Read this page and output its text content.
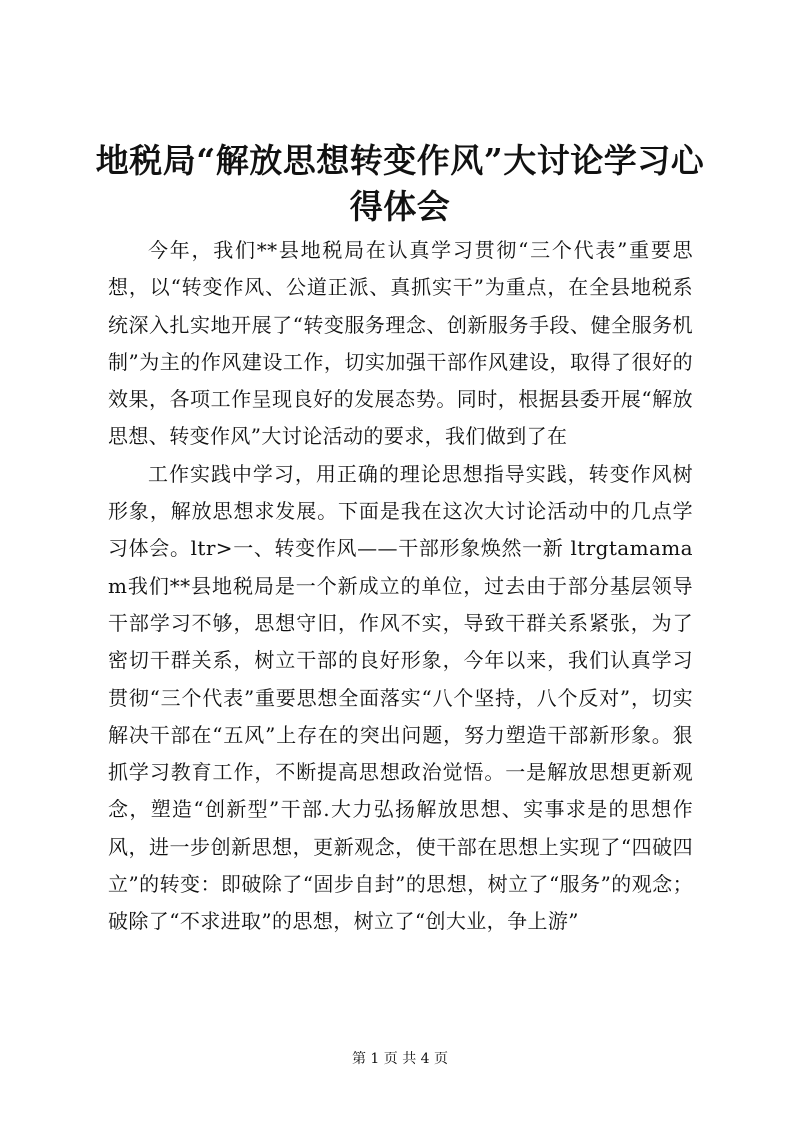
地税局“解放思想转变作风”大讨论学习心得体会

今年，我们**县地税局在认真学习贯彻“三个代表”重要思想，以“转变作风、公道正派、真抓实干”为重点，在全县地税系统深入扎实地开展了“转变服务理念、创新服务手段、健全服务机制”为主的作风建设工作，切实加强干部作风建设，取得了很好的效果，各项工作呈现良好的发展态势。同时，根据县委开展“解放思想、转变作风”大讨论活动的要求，我们做到了在

工作实践中学习，用正确的理论思想指导实践，转变作风树形象，解放思想求发展。下面是我在这次大讨论活动中的几点学习体会。ltr>一、转变作风——干部形象焕然一新 ltrgtamamam我们**县地税局是一个新成立的单位，过去由于部分基层领导干部学习不够，思想守旧，作风不实，导致干群关系紧张，为了密切干群关系，树立干部的良好形象，今年以来，我们认真学习贯彻“三个代表”重要思想全面落实“八个坚持，八个反对”，切实解决干部在“五风”上存在的突出问题，努力塑造干部新形象。狠抓学习教育工作，不断提高思想政治觉悟。一是解放思想更新观念，塑造“创新型”干部.大力弘扬解放思想、实事求是的思想作风，进一步创新思想，更新观念，使干部在思想上实现了“四破四立”的转变：即破除了“固步自封”的思想，树立了“服务”的观念；破除了“不求进取”的思想，树立了“创大业，争上游”

第 1 页 共 4 页
